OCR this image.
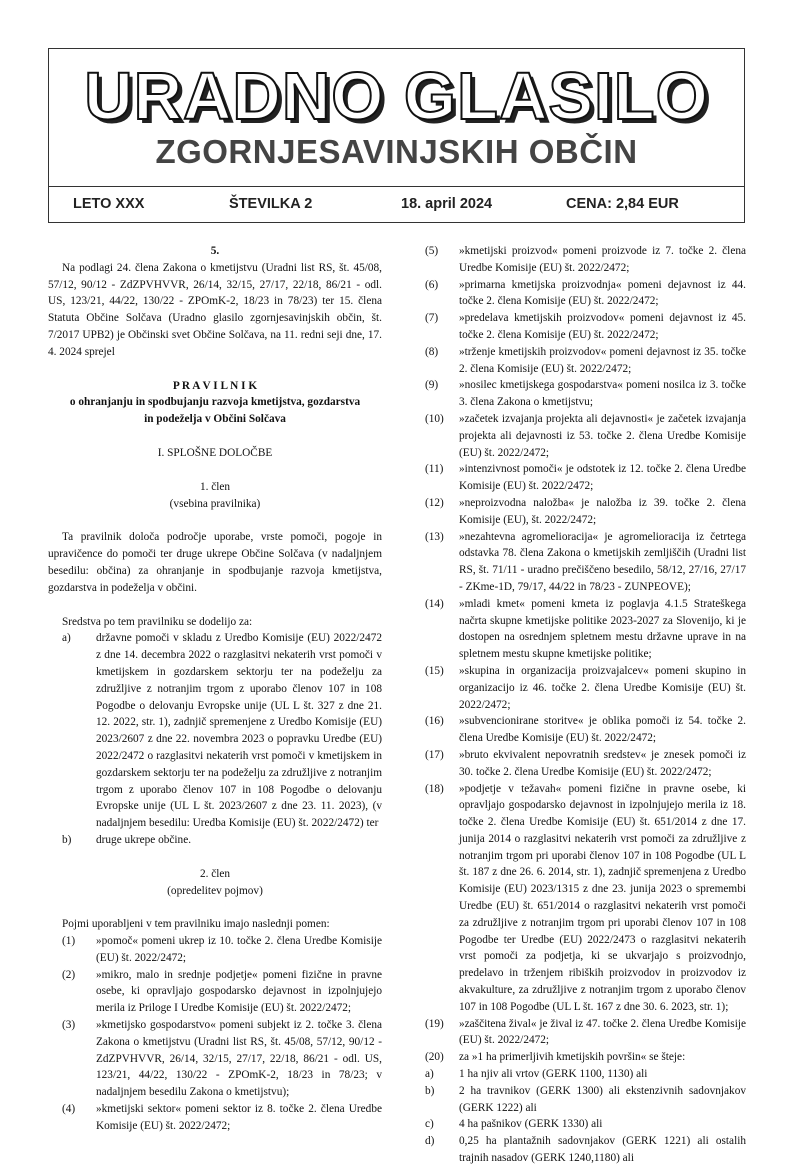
URADNO GLASILO
ZGORNJESAVINJSKIH OBČIN
LETO XXX	ŠTEVILKA 2	18. april 2024	CENA: 2,84 EUR

5.

Na podlagi 24. člena Zakona o kmetijstvu (Uradni list RS, št. 45/08, 57/12, 90/12 - ZdZPVHVVR, 26/14, 32/15, 27/17, 22/18, 86/21 - odl. US, 123/21, 44/22, 130/22 - ZPOmK-2, 18/23 in 78/23) ter 15. člena Statuta Občine Solčava (Uradno glasilo zgornjesavinjskih občin, št. 7/2017 UPB2) je Občinski svet Občine Solčava, na 11. redni seji dne, 17. 4. 2024 sprejel

P R A V I L N I K

o ohranjanju in spodbujanju razvoja kmetijstva, gozdarstva

in podeželja v Občini Solčava

I. SPLOŠNE DOLOČBE

1. člen

(vsebina pravilnika)

Ta pravilnik določa področje uporabe, vrste pomoči, pogoje in upravičence do pomoči ter druge ukrepe Občine Solčava (v nadaljnjem besedilu: občina) za ohranjanje in spodbujanje razvoja kmetijstva, gozdarstva in podeželja v občini.

Sredstva po tem pravilniku se dodelijo za:

a)	državne pomoči v skladu z Uredbo Komisije (EU) 2022/2472 z dne 14. decembra 2022 o razglasitvi nekaterih vrst pomoči v kmetijskem in gozdarskem sektorju ter na podeželju za združljive z notranjim trgom z uporabo členov 107 in 108 Pogodbe o delovanju Evropske unije (UL L št. 327 z dne 21. 12. 2022, str. 1), zadnjič spremenjene z Uredbo Komisije (EU) 2023/2607 z dne 22. novembra 2023 o popravku Uredbe (EU) 2022/2472 o razglasitvi nekaterih vrst pomoči v kmetijskem in gozdarskem sektorju ter na podeželju za združljive z notranjim trgom z uporabo členov 107 in 108 Pogodbe o delovanju Evropske unije (UL L št. 2023/2607 z dne 23. 11. 2023), (v nadaljnjem besedilu: Uredba Komisije (EU) št. 2022/2472) ter
b)	druge ukrepe občine.

2. člen

(opredelitev pojmov)

Pojmi uporabljeni v tem pravilniku imajo naslednji pomen:

(1)	»pomoč« pomeni ukrep iz 10. točke 2. člena Uredbe Komisije (EU) št. 2022/2472;
(2)	»mikro, malo in srednje podjetje« pomeni fizične in pravne osebe, ki opravljajo gospodarsko dejavnost in izpolnjujejo merila iz Priloge I Uredbe Komisije (EU) št. 2022/2472;
(3)	»kmetijsko gospodarstvo« pomeni subjekt iz 2. točke 3. člena Zakona o kmetijstvu (Uradni list RS, št. 45/08, 57/12, 90/12 -ZdZPVHVVR, 26/14, 32/15, 27/17, 22/18, 86/21 - odl. US, 123/21, 44/22, 130/22 - ZPOmK-2, 18/23 in 78/23; v nadaljnjem besedilu Zakona o kmetijstvu);
(4)	»kmetijski sektor« pomeni sektor iz 8. točke 2. člena Uredbe Komisije (EU) št. 2022/2472;
(5)	»kmetijski proizvod« pomeni proizvode iz 7. točke 2. člena Uredbe Komisije (EU) št. 2022/2472;
(6)	»primarna kmetijska proizvodnja« pomeni dejavnost iz 44. točke 2. člena Komisije (EU) št. 2022/2472;
(7)	»predelava kmetijskih proizvodov« pomeni dejavnost iz 45. točke 2. člena Komisije (EU) št. 2022/2472;
(8)	»trženje kmetijskih proizvodov« pomeni dejavnost iz 35. točke 2. člena Komisije (EU) št. 2022/2472;
(9)	»nosilec kmetijskega gospodarstva« pomeni nosilca iz 3. točke 3. člena Zakona o kmetijstvu;
(10)	»začetek izvajanja projekta ali dejavnosti« je začetek izvajanja projekta ali dejavnosti iz 53. točke 2. člena Uredbe Komisije (EU) št. 2022/2472;
(11)	»intenzivnost pomoči« je odstotek iz 12. točke 2. člena Uredbe Komisije (EU) št. 2022/2472;
(12)	»neproizvodna naložba« je naložba iz 39. točke 2. člena Komisije (EU), št. 2022/2472;
(13)	»nezahtevna agromelioracija« je agromelioracija iz četrtega odstavka 78. člena Zakona o kmetijskih zemljiščih (Uradni list RS, št. 71/11 - uradno prečiščeno besedilo, 58/12, 27/16, 27/17 - ZKme-1D, 79/17, 44/22 in 78/23 - ZUNPEOVE);
(14)	»mladi kmet« pomeni kmeta iz poglavja 4.1.5 Strateškega načrta skupne kmetijske politike 2023-2027 za Slovenijo, ki je dostopen na osrednjem spletnem mestu državne uprave in na spletnem mestu skupne kmetijske politike;
(15)	»skupina in organizacija proizvajalcev« pomeni skupino in organizacijo iz 46. točke 2. člena Uredbe Komisije (EU) št. 2022/2472;
(16)	»subvencionirane storitve« je oblika pomoči iz 54. točke 2. člena Uredbe Komisije (EU) št. 2022/2472;
(17)	»bruto ekvivalent nepovratnih sredstev« je znesek pomoči iz 30. točke 2. člena Uredbe Komisije (EU) št. 2022/2472;
(18)	»podjetje v težavah« pomeni fizične in pravne osebe, ki opravljajo gospodarsko dejavnost in izpolnjujejo merila iz 18. točke 2. člena Uredbe Komisije (EU) št. 651/2014 z dne 17. junija 2014 o razglasitvi nekaterih vrst pomoči za združljive z notranjim trgom pri uporabi členov 107 in 108 Pogodbe (UL L št. 187 z dne 26. 6. 2014, str. 1), zadnjič spremenjena z Uredbo Komisije (EU) 2023/1315 z dne 23. junija 2023 o spremembi Uredbe (EU) št. 651/2014 o razglasitvi nekaterih vrst pomoči za združljive z notranjim trgom pri uporabi členov 107 in 108 Pogodbe ter Uredbe (EU) 2022/2473 o razglasitvi nekaterih vrst pomoči za podjetja, ki se ukvarjajo s proizvodnjo, predelavo in trženjem ribiških proizvodov in proizvodov iz akvakulture, za združljive z notranjim trgom z uporabo členov 107 in 108 Pogodbe (UL L št. 167 z dne 30. 6. 2023, str. 1);
(19)	»zaščitena žival« je žival iz 47. točke 2. člena Uredbe Komisije (EU) št. 2022/2472;
(20)	za »1 ha primerljivih kmetijskih površin« se šteje:
a)	1 ha njiv ali vrtov (GERK 1100, 1130) ali
b)	2 ha travnikov (GERK 1300) ali ekstenzivnih sadovnjakov (GERK 1222) ali
c)	4 ha pašnikov (GERK 1330) ali
d)	0,25 ha plantažnih sadovnjakov (GERK 1221) ali ostalih trajnih nasadov (GERK 1240,1180) ali
